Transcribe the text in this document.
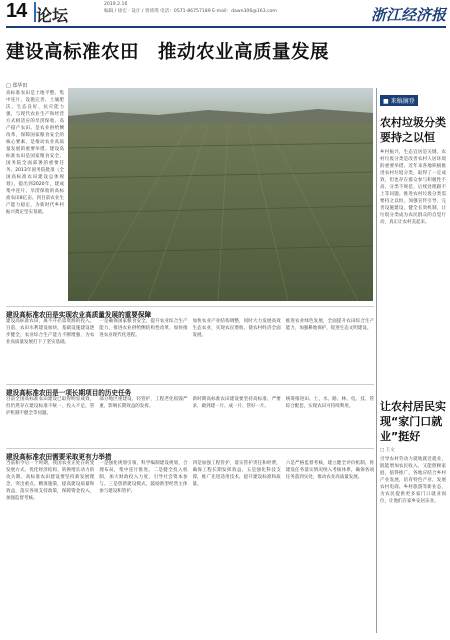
14 论坛
2019.2.16
编辑 / 徐宏 · 设计 / 曾琦琪 电话：0571-86757189 E-mail：dawn306@163.com	浙江经济报
建设高标准农田　推动农业高质量发展
□ 郑华田
高标准农田是土地平整、集中连片、设施完善、土壤肥沃、生态良好、抗灾能力强，与现代农业生产和经营方式相适应的旱涝保收、高产稳产农田。是农业供给侧改革，保障国家粮食安全的核心要素。是推动农业高质量发展的重要举措。建设高标准农田是国家粮食安全、国务院全面部署的重要任务。2013年国务院批准《全国高标准农田建设总体规划》，提出到2020年，建成集中连片、旱涝保收的高标准农田8亿亩。到目前农业生产能力稳定，为新时代乡村振兴奠定坚实基础。
■ 来稿摘登
农村垃圾分类要持之以恒
乡村振兴，生态宜居是关键。农村垃圾分类是改善农村人居环境的重要举措。近年来各地积极推进农村垃圾分类，取得了一定成效，但也存在群众参与积极性不高、分类不规范、后续处理跟不上等问题。推进农村垃圾分类需要持之以恒，加强宣传引导，完善设施建设，健全长效机制，让垃圾分类成为农民群众的自觉行动，真正让农村美起来。
让农村居民实现“家门口就业”挺好
□ 王文
引导农村劳动力就地就近就业，既能增加农民收入，又能照顾家庭，值得推广。各地应结合乡村产业发展，培育特色产业，发展农村电商、乡村旅游等新业态，为农民提供更多家门口就业岗位，让他们在家乡安居乐业。
建设高标准农田是实现农业高质量发展的重要保障
建设高标准农田，离不开必需资源的投入。目前，农田水利建设加快，基础设施建设逐步健全，农业综合生产能力不断增强，为农业高质量发展打下了坚实基础。
一是确保国家粮食安全，提升农业综合生产能力，推进农业供给侧结构性改革，加快推进农业现代化进程。
加快农业产业结构调整，同时大力发展高效生态农业，实现农民增收，使农村经济全面发展。
推进农业绿色发展，全面提升农田综合生产能力，加强耕地保护，促进生态文明建设。
建设高标准农田是一项长期项目的历史任务
目前全国高标准农田建设已取得明显成效，但仍然存在建设标准不统一、投入不足、管护机制不健全等问题。
部分地区重建设、轻管护，工程老化损毁严重，影响长期效益的发挥。
新时期高标准农田建设要坚持高标准、严要求，做到建一片、成一片、管好一片。
统筹推进田、土、水、路、林、电、技、管综合配套，实现农田可持续利用。
建设高标准农田需要采取更有力举措
当前和今后一个时期，我国农业正处在转变发展方式、优化经济结构、转换增长动力的攻关期。高标准农田建设要坚持新发展理念，突出重点、精准施策，提高建设质量和效益，落实各项支持政策，保障资金投入，加强监督考核。
一是强化规划引领，科学编制建设规划，合理布局，集中连片推进。二是健全投入机制，加大财政投入力度，引导社会资本参与。三是创新建设模式，鼓励新型经营主体参与建设和管护。
四是加强工程管护，落实管护责任和经费，确保工程长期发挥效益。五是强化科技支撑，推广先进适用技术，提升建设标准和质量。
六是严格监督考核，建立健全评价机制，将建设任务落实情况纳入考核体系，确保各项任务落到实处，推动农业高质量发展。
